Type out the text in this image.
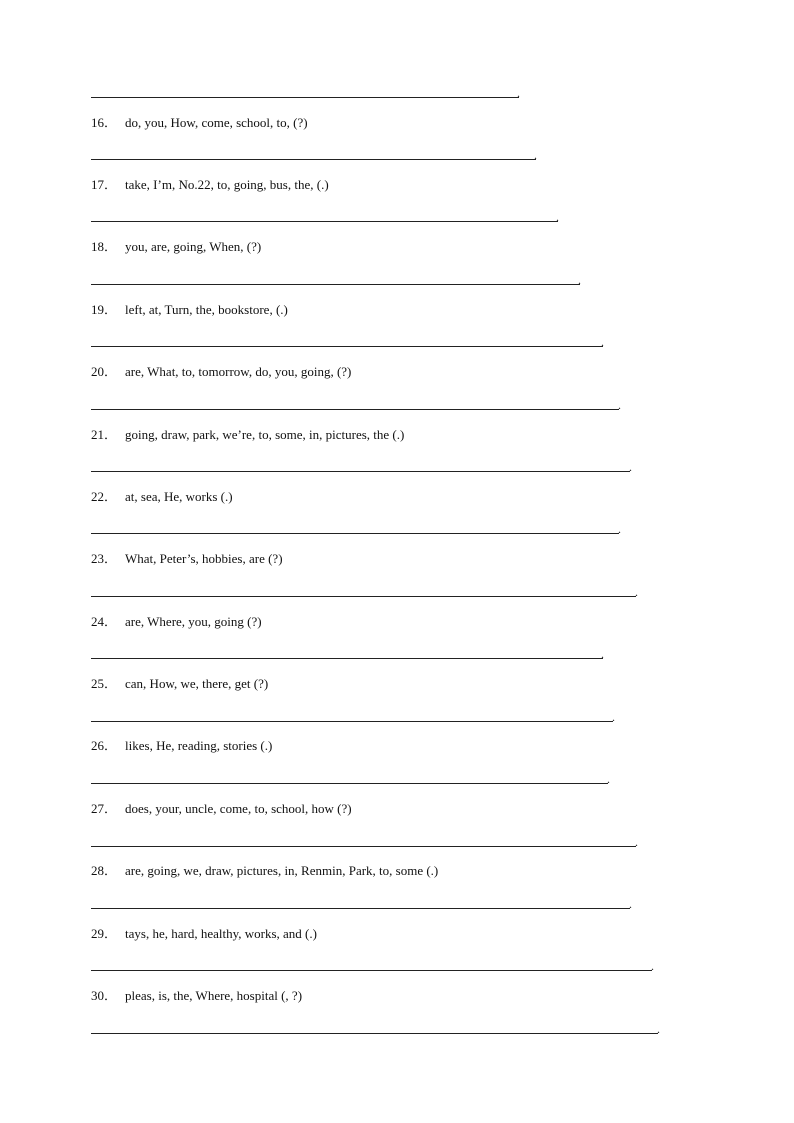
.
16． do, you, How, come, school, to, (?)
.
17． take, I’m, No.22, to, going, bus, the, (.)
.
18． you, are, going, When, (?)
.
19． left, at, Turn, the, bookstore, (.)
.
20． are, What, to, tomorrow, do, you, going, (?)
.
21． going, draw, park, we’re, to, some, in, pictures, the (.)
.
22． at, sea, He, works (.)
.
23． What, Peter’s, hobbies, are (?)
.
24． are, Where, you, going (?)
.
25． can, How, we, there, get (?)
.
26． likes, He, reading, stories (.)
.
27． does, your, uncle, come, to, school, how (?)
.
28． are, going, we, draw, pictures, in, Renmin, Park, to, some (.)
.
29． tays, he, hard, healthy, works, and (.)
.
30． pleas, is, the, Where, hospital (, ?)
.
